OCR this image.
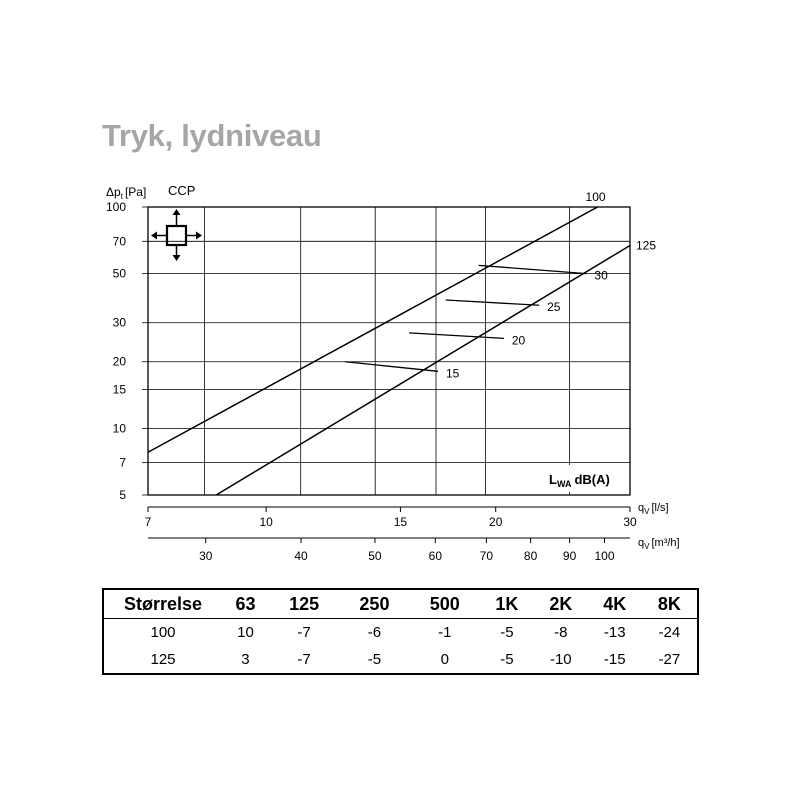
Tryk, lydniveau
5
7
10
15
20
30
50
70
100
$\Delta p_t$ [Pa] CCP	100
125
15
20
25
30
$L_{WA}$ dB(A)
7	10	15	20	30
30	40	50	60	70	80 90 100
$q_V$ [l/s]
$q_V$ [m³/h]
Størrelse	63	125	250	500	1K	2K	4K	8K
100	10	-7	-6	-1	-5	-8	-13	-24
125	3	-7	-5	0	-5	-10	-15	-27
